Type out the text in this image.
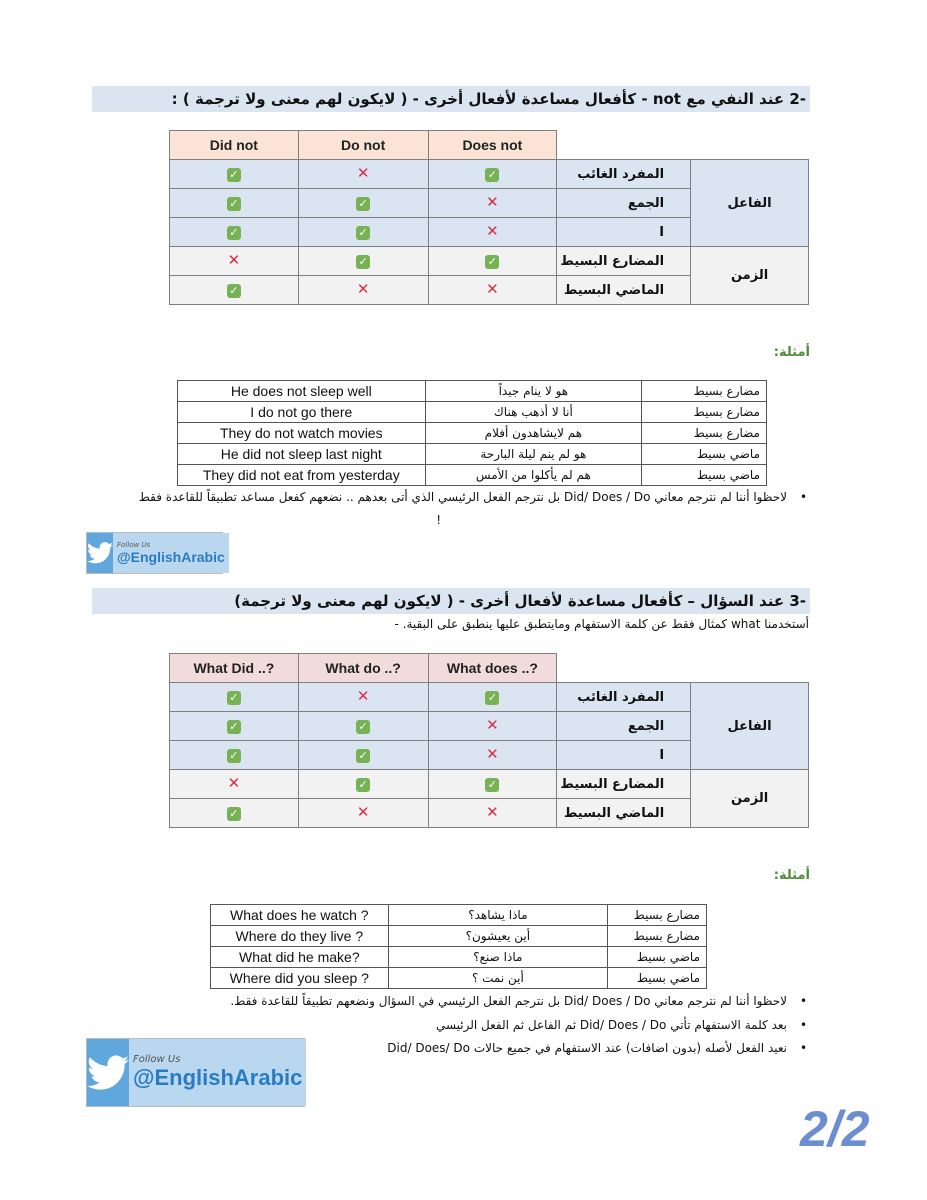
-2 عند النفي مع not - كأفعال مساعدة لأفعال أخرى - ( لايكون لهم معنى ولا ترجمة ) :
Did not	Do not	Does not		
✓	✕	✓	المفرد الغائب	الفاعل
✓	✓	✕	الجمع	
✓	✓	✕	I	
✕	✓	✓	المضارع البسيط	الزمن
✓	✕	✕	الماضي البسيط	
أمثلة:
He does not sleep well	هو لا ينام جيداً	مضارع بسيط
I do not go there	أنا لا أذهب هناك	مضارع بسيط
They do not watch movies	هم لايشاهدون أفلام	مضارع بسيط
He did not sleep last night	هو لم ينم ليلة البارحة	ماضي بسيط
They did not eat from yesterday	هم لم يأكلوا من الأمس	ماضي بسيط
•
لاحظوا أننا لم نترجم معاني Did/ Does / Do بل نترجم الفعل الرئيسي الذي أتى بعدهم .. نضعهم كفعل مساعد تطبيقاً للقاعدة فقط
!
Follow Us
@EnglishArabic
-3 عند السؤال – كأفعال مساعدة لأفعال أخرى - ( لايكون لهم معنى ولا ترجمة)
أستخدمنا what كمثال فقط عن كلمة الاستفهام ومايتطبق عليها ينطبق على البقية. -
What Did ..?	What do ..?	What does ..?		
✓	✕	✓	المفرد الغائب	الفاعل
✓	✓	✕	الجمع	
✓	✓	✕	I	
✕	✓	✓	المضارع البسيط	الزمن
✓	✕	✕	الماضي البسيط	
أمثلة:
What does he watch ?	ماذا يشاهد؟	مضارع بسيط
Where do they live ?	أين يعيشون؟	مضارع بسيط
What did he make?	ماذا صنع؟	ماضي بسيط
Where did you sleep ?	أين نمت ؟	ماضي بسيط
•
لاحظوا أننا لم نترجم معاني Did/ Does / Do بل نترجم الفعل الرئيسي في السؤال ونضعهم تطبيقاً للقاعدة فقط.
•
بعد كلمة الاستفهام تأتي Did/ Does / Do ثم الفاعل ثم الفعل الرئيسي
•
نعيد الفعل لأصله (بدون اضافات) عند الاستفهام في جميع حالات Did/ Does/ Do
Follow Us
@EnglishArabic
2/2
